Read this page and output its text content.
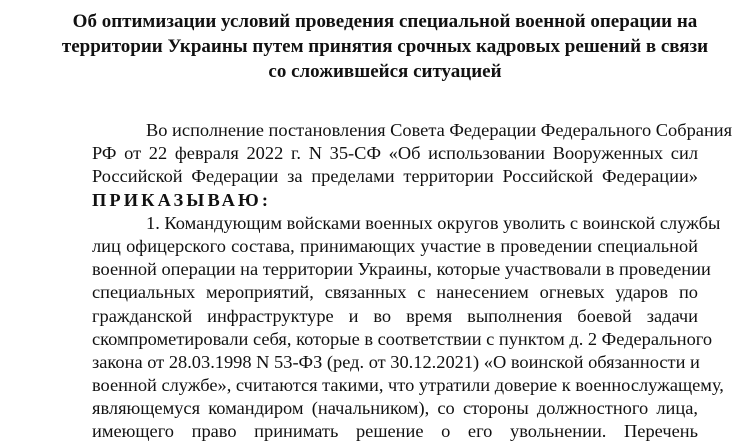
Об оптимизации условий проведения специальной военной операции на
территории Украины путем принятия срочных кадровых решений в связи
со сложившейся ситуацией
Во исполнение постановления Совета Федерации Федерального Собрания
РФ от 22 февраля 2022 г. N 35-СФ «Об использовании Вооруженных сил
Российской Федерации за пределами территории Российской Федерации»
ПРИКАЗЫВАЮ:
1. Командующим войсками военных округов уволить с воинской службы
лиц офицерского состава, принимающих участие в проведении специальной
военной операции на территории Украины, которые участвовали в проведении
специальных мероприятий, связанных с нанесением огневых ударов по
гражданской инфраструктуре и во время выполнения боевой задачи
скомпрометировали себя, которые в соответствии с пунктом д. 2 Федерального
закона от 28.03.1998 N 53-ФЗ (ред. от 30.12.2021) «О воинской обязанности и
военной службе», считаются такими, что утратили доверие к военнослужащему,
являющемуся командиром (начальником), со стороны должностного лица,
имеющего право принимать решение о его увольнении. Перечень
